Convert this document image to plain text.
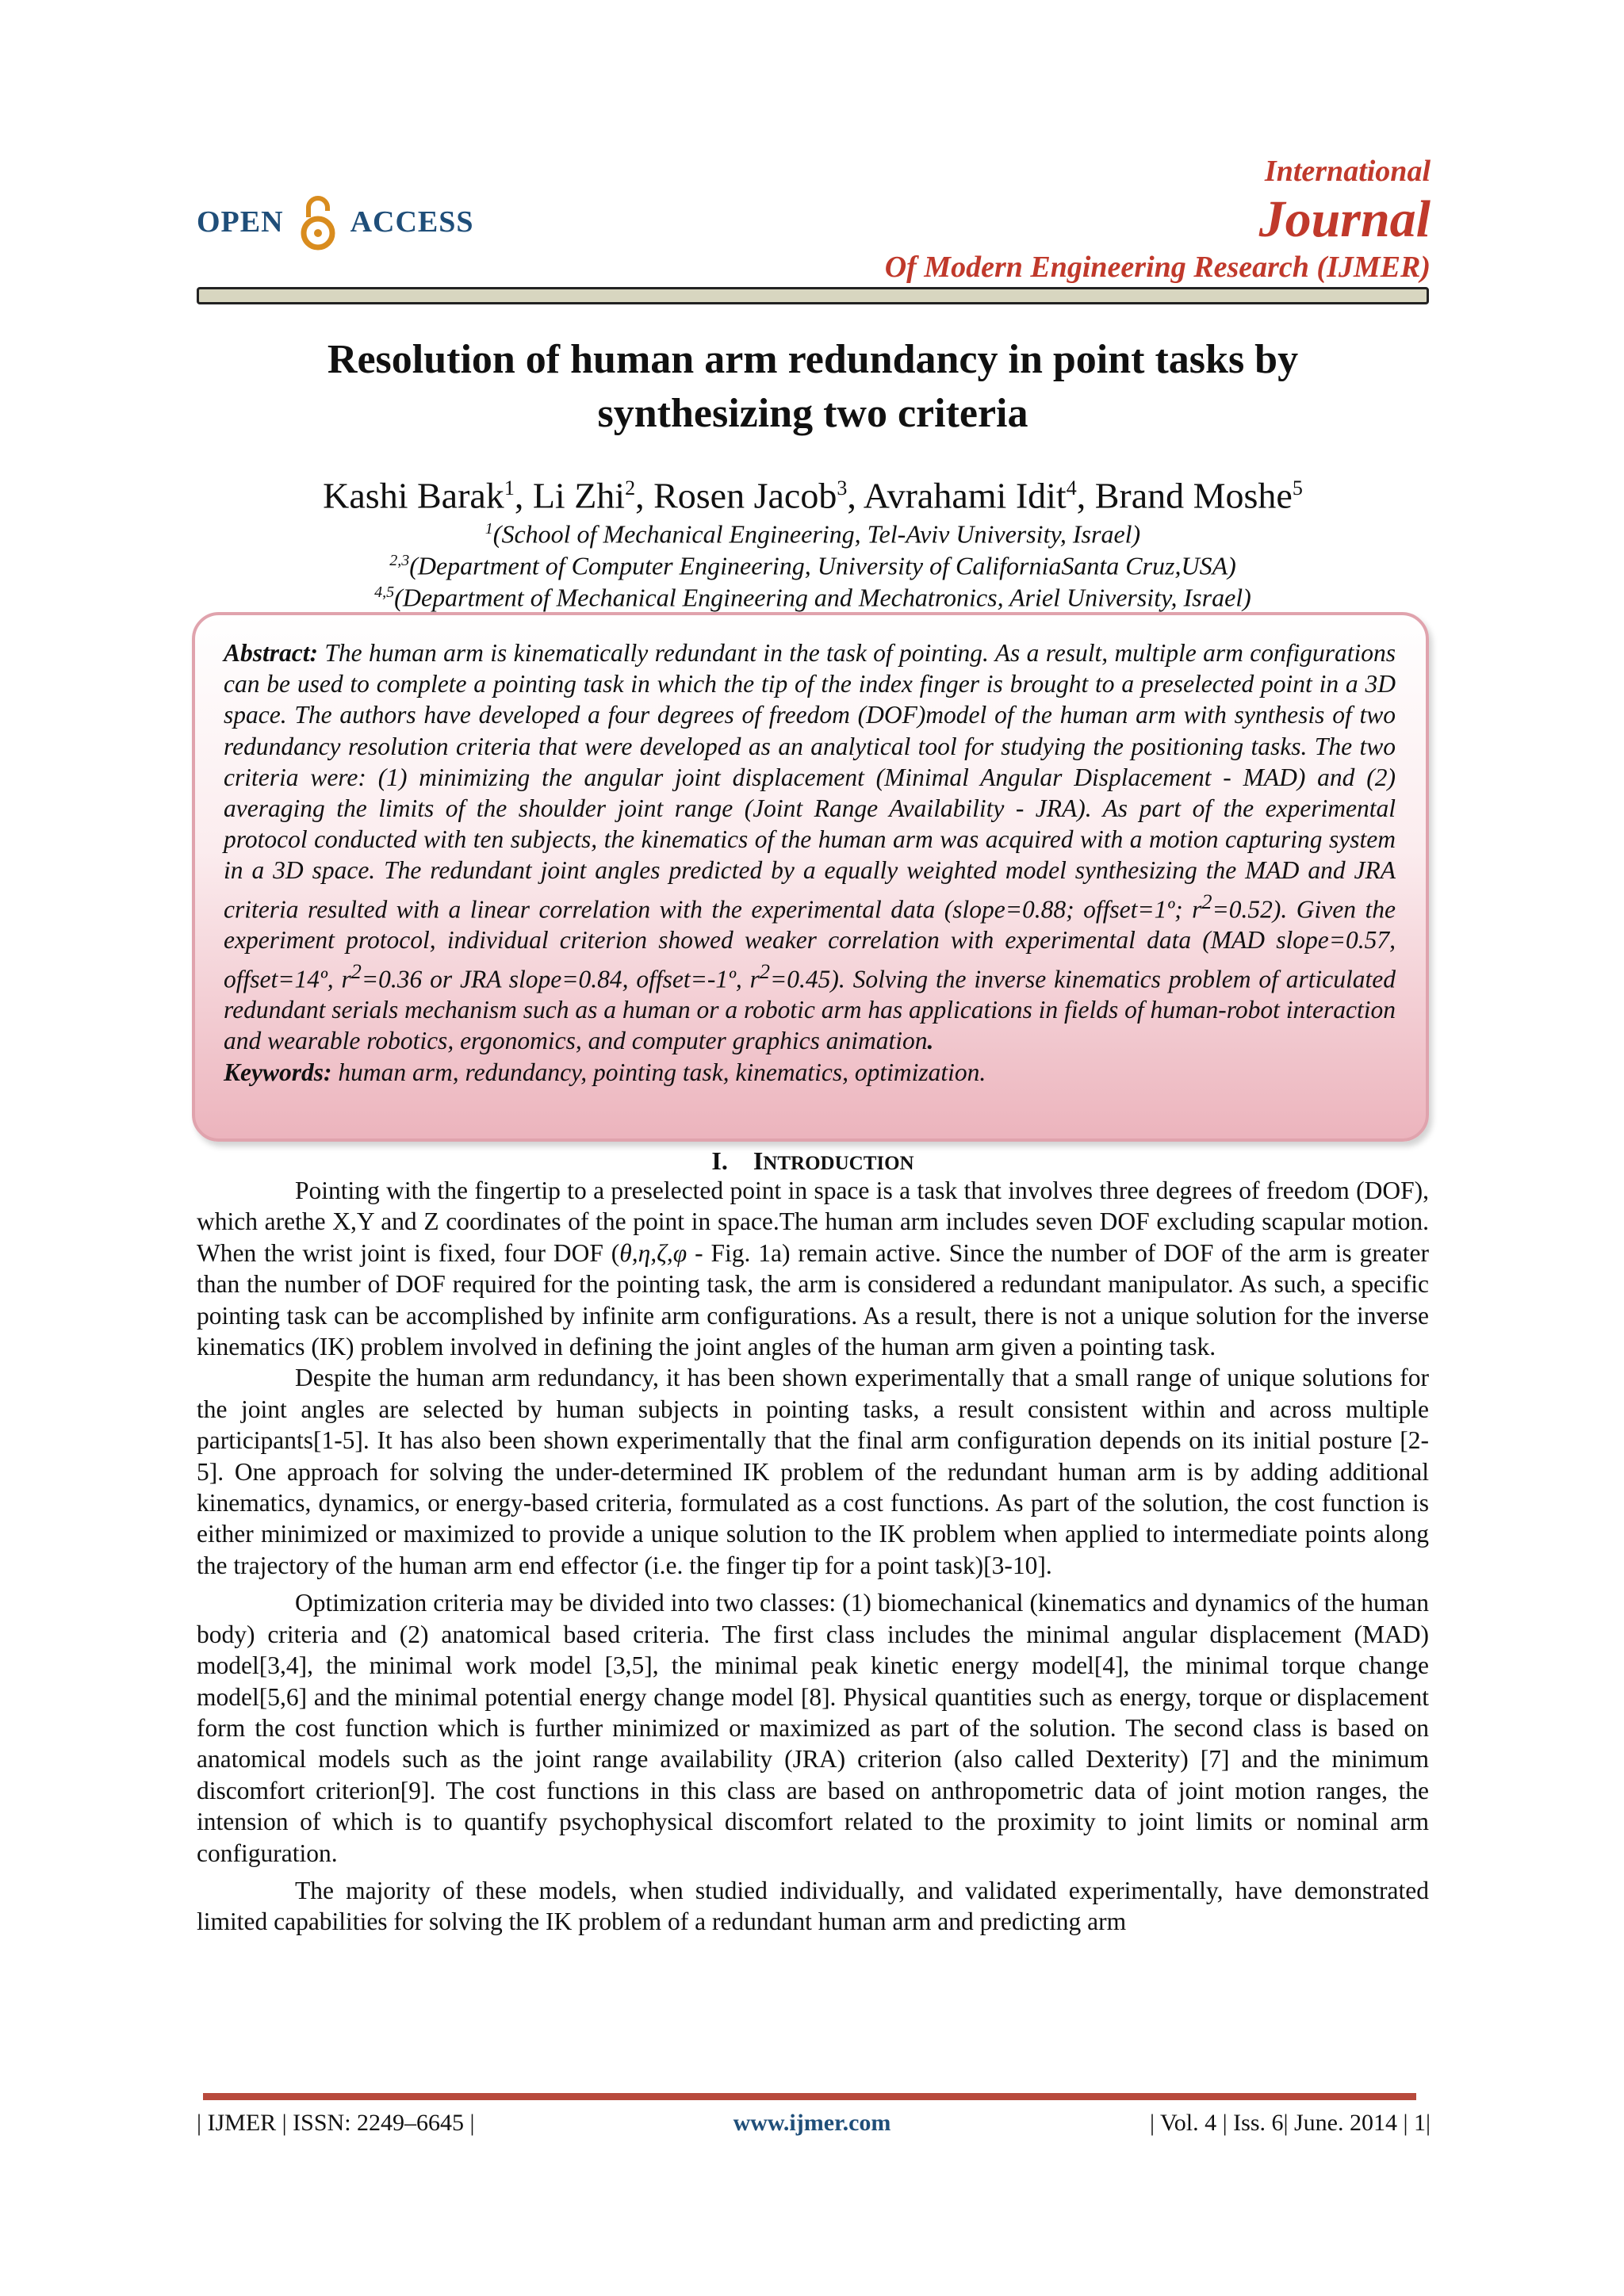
OPEN ACCESS
International
Journal
Of Modern Engineering Research (IJMER)
Resolution of human arm redundancy in point tasks by
synthesizing two criteria
Kashi Barak$^1$, Li Zhi$^2$, Rosen Jacob$^3$, Avrahami Idit$^4$, Brand Moshe$^5$
$^1$(School of Mechanical Engineering, Tel-Aviv University, Israel)
$^{2,3}$(Department of Computer Engineering, University of CaliforniaSanta Cruz,USA)
$^{4,5}$(Department of Mechanical Engineering and Mechatronics, Ariel University, Israel)
Abstract: The human arm is kinematically redundant in the task of pointing. As a result, multiple arm configurations can be used to complete a pointing task in which the tip of the index finger is brought to a preselected point in a 3D space. The authors have developed a four degrees of freedom (DOF)model of the human arm with synthesis of two redundancy resolution criteria that were developed as an analytical tool for studying the positioning tasks. The two criteria were: (1) minimizing the angular joint displacement (Minimal Angular Displacement - MAD) and (2) averaging the limits of the shoulder joint range (Joint Range Availability - JRA). As part of the experimental protocol conducted with ten subjects, the kinematics of the human arm was acquired with a motion capturing system in a 3D space. The redundant joint angles predicted by a equally weighted model synthesizing the MAD and JRA criteria resulted with a linear correlation with the experimental data (slope=0.88; offset=1º; $r^2=0.52$). Given the experiment protocol, individual criterion showed weaker correlation with experimental data (MAD slope=0.57, offset=14º, $r^2=0.36$ or JRA slope=0.84, offset=-1º, $r^2=0.45$). Solving the inverse kinematics problem of articulated redundant serials mechanism such as a human or a robotic arm has applications in fields of human-robot interaction and wearable robotics, ergonomics, and computer graphics animation.
Keywords: human arm, redundancy, pointing task, kinematics, optimization.
I. INTRODUCTION

Pointing with the fingertip to a preselected point in space is a task that involves three degrees of freedom (DOF), which arethe X,Y and Z coordinates of the point in space.The human arm includes seven DOF excluding scapular motion. When the wrist joint is fixed, four DOF (θ,η,ζ,φ - Fig. 1a) remain active. Since the number of DOF of the arm is greater than the number of DOF required for the pointing task, the arm is considered a redundant manipulator. As such, a specific pointing task can be accomplished by infinite arm configurations. As a result, there is not a unique solution for the inverse kinematics (IK) problem involved in defining the joint angles of the human arm given a pointing task.

Despite the human arm redundancy, it has been shown experimentally that a small range of unique solutions for the joint angles are selected by human subjects in pointing tasks, a result consistent within and across multiple participants[1-5]. It has also been shown experimentally that the final arm configuration depends on its initial posture [2-5]. One approach for solving the under-determined IK problem of the redundant human arm is by adding additional kinematics, dynamics, or energy-based criteria, formulated as a cost functions. As part of the solution, the cost function is either minimized or maximized to provide a unique solution to the IK problem when applied to intermediate points along the trajectory of the human arm end effector (i.e. the finger tip for a point task)[3-10].

Optimization criteria may be divided into two classes: (1) biomechanical (kinematics and dynamics of the human body) criteria and (2) anatomical based criteria. The first class includes the minimal angular displacement (MAD) model[3,4], the minimal work model [3,5], the minimal peak kinetic energy model[4], the minimal torque change model[5,6] and the minimal potential energy change model [8]. Physical quantities such as energy, torque or displacement form the cost function which is further minimized or maximized as part of the solution. The second class is based on anatomical models such as the joint range availability (JRA) criterion (also called Dexterity) [7] and the minimum discomfort criterion[9]. The cost functions in this class are based on anthropometric data of joint motion ranges, the intension of which is to quantify psychophysical discomfort related to the proximity to joint limits or nominal arm configuration.

The majority of these models, when studied individually, and validated experimentally, have demonstrated limited capabilities for solving the IK problem of a redundant human arm and predicting arm

| IJMER | ISSN: 2249–6645 |	www.ijmer.com	| Vol. 4 | Iss. 6| June. 2014 | 1|
